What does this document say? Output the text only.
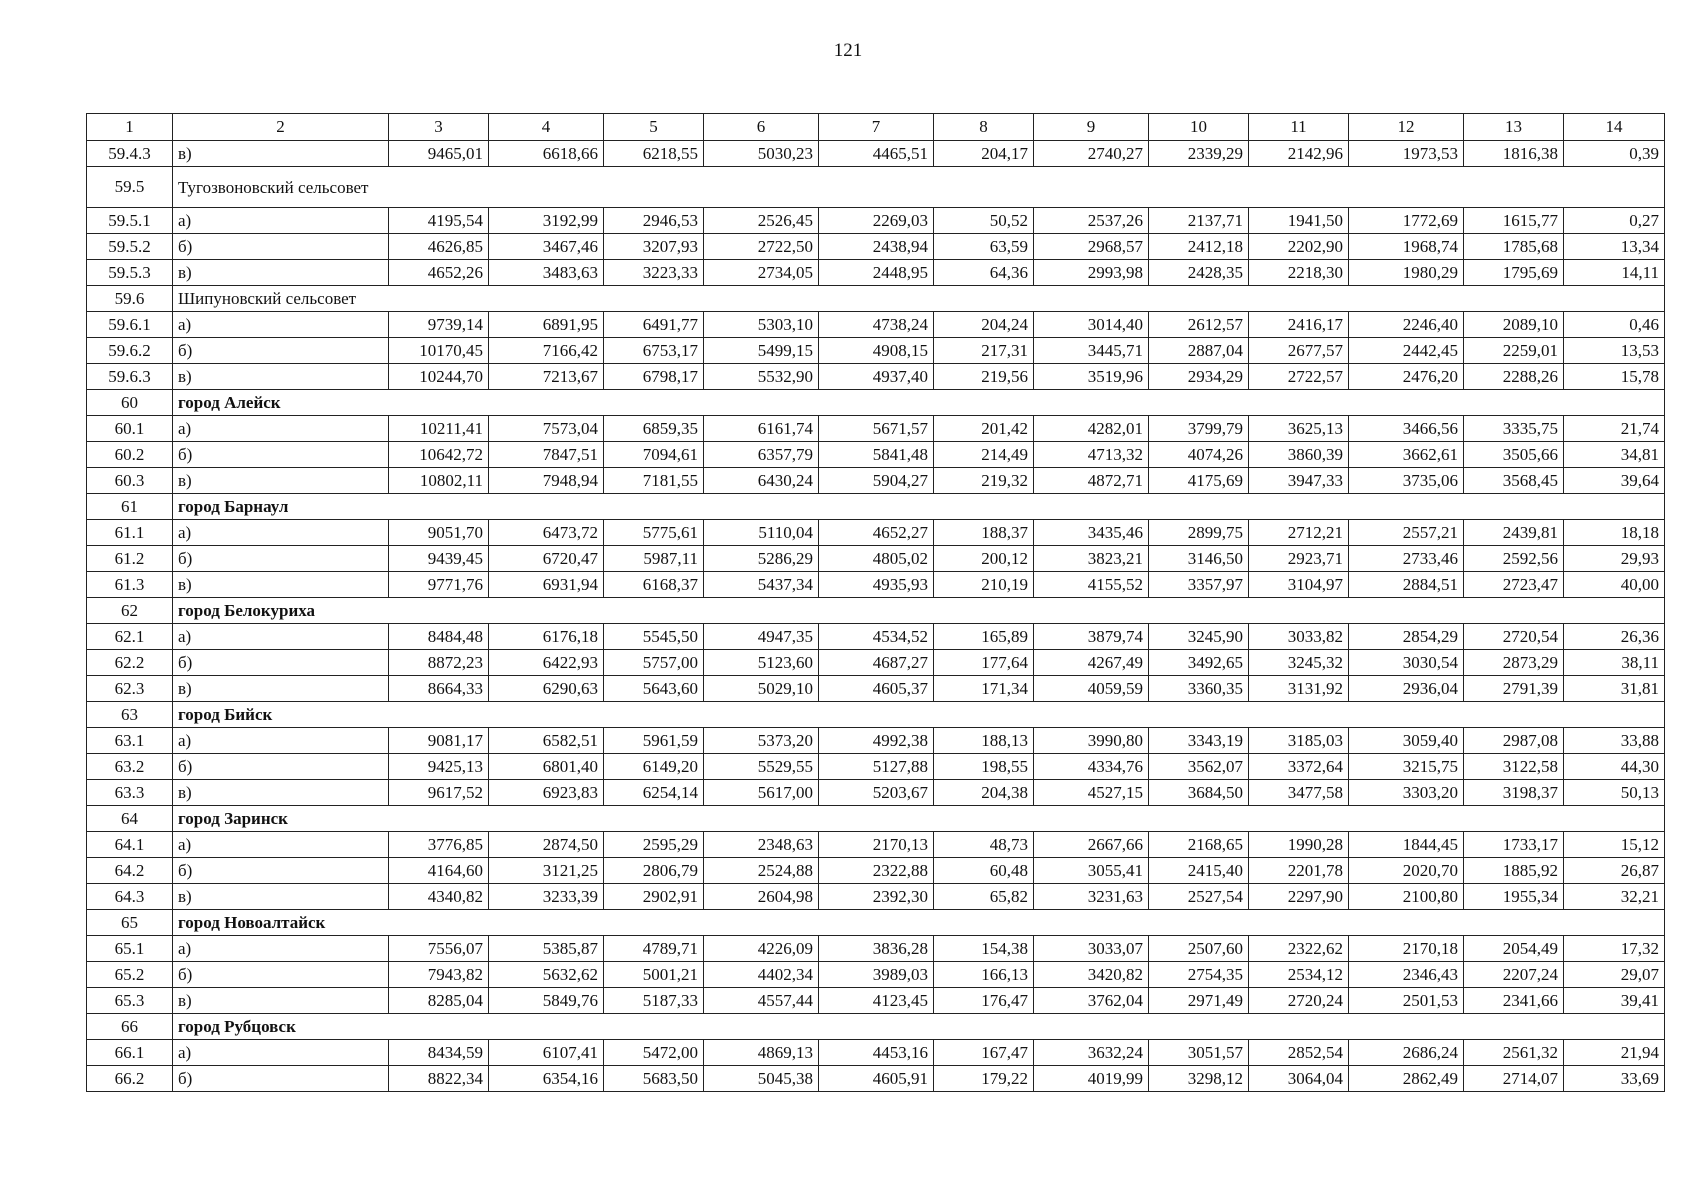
121
1	2	3	4	5	6	7	8	9	10	11	12	13	14
59.4.3	в)	9465,01	6618,66	6218,55	5030,23	4465,51	204,17	2740,27	2339,29	2142,96	1973,53	1816,38	0,39
59.5	Тугозвоновский сельсовет												

59.5.1	а)	4195,54	3192,99	2946,53	2526,45	2269,03	50,52	2537,26	2137,71	1941,50	1772,69	1615,77	0,27
59.5.2	б)	4626,85	3467,46	3207,93	2722,50	2438,94	63,59	2968,57	2412,18	2202,90	1968,74	1785,68	13,34
59.5.3	в)	4652,26	3483,63	3223,33	2734,05	2448,95	64,36	2993,98	2428,35	2218,30	1980,29	1795,69	14,11
59.6	Шипуновский сельсовет												
59.6.1	а)	9739,14	6891,95	6491,77	5303,10	4738,24	204,24	3014,40	2612,57	2416,17	2246,40	2089,10	0,46
59.6.2	б)	10170,45	7166,42	6753,17	5499,15	4908,15	217,31	3445,71	2887,04	2677,57	2442,45	2259,01	13,53
59.6.3	в)	10244,70	7213,67	6798,17	5532,90	4937,40	219,56	3519,96	2934,29	2722,57	2476,20	2288,26	15,78
60	город Алейск												
60.1	а)	10211,41	7573,04	6859,35	6161,74	5671,57	201,42	4282,01	3799,79	3625,13	3466,56	3335,75	21,74
60.2	б)	10642,72	7847,51	7094,61	6357,79	5841,48	214,49	4713,32	4074,26	3860,39	3662,61	3505,66	34,81
60.3	в)	10802,11	7948,94	7181,55	6430,24	5904,27	219,32	4872,71	4175,69	3947,33	3735,06	3568,45	39,64
61	город Барнаул												
61.1	а)	9051,70	6473,72	5775,61	5110,04	4652,27	188,37	3435,46	2899,75	2712,21	2557,21	2439,81	18,18
61.2	б)	9439,45	6720,47	5987,11	5286,29	4805,02	200,12	3823,21	3146,50	2923,71	2733,46	2592,56	29,93
61.3	в)	9771,76	6931,94	6168,37	5437,34	4935,93	210,19	4155,52	3357,97	3104,97	2884,51	2723,47	40,00
62	город Белокуриха												
62.1	а)	8484,48	6176,18	5545,50	4947,35	4534,52	165,89	3879,74	3245,90	3033,82	2854,29	2720,54	26,36
62.2	б)	8872,23	6422,93	5757,00	5123,60	4687,27	177,64	4267,49	3492,65	3245,32	3030,54	2873,29	38,11
62.3	в)	8664,33	6290,63	5643,60	5029,10	4605,37	171,34	4059,59	3360,35	3131,92	2936,04	2791,39	31,81
63	город Бийск												
63.1	а)	9081,17	6582,51	5961,59	5373,20	4992,38	188,13	3990,80	3343,19	3185,03	3059,40	2987,08	33,88
63.2	б)	9425,13	6801,40	6149,20	5529,55	5127,88	198,55	4334,76	3562,07	3372,64	3215,75	3122,58	44,30
63.3	в)	9617,52	6923,83	6254,14	5617,00	5203,67	204,38	4527,15	3684,50	3477,58	3303,20	3198,37	50,13
64	город Заринск												
64.1	а)	3776,85	2874,50	2595,29	2348,63	2170,13	48,73	2667,66	2168,65	1990,28	1844,45	1733,17	15,12
64.2	б)	4164,60	3121,25	2806,79	2524,88	2322,88	60,48	3055,41	2415,40	2201,78	2020,70	1885,92	26,87
64.3	в)	4340,82	3233,39	2902,91	2604,98	2392,30	65,82	3231,63	2527,54	2297,90	2100,80	1955,34	32,21
65	город Новоалтайск												
65.1	а)	7556,07	5385,87	4789,71	4226,09	3836,28	154,38	3033,07	2507,60	2322,62	2170,18	2054,49	17,32
65.2	б)	7943,82	5632,62	5001,21	4402,34	3989,03	166,13	3420,82	2754,35	2534,12	2346,43	2207,24	29,07
65.3	в)	8285,04	5849,76	5187,33	4557,44	4123,45	176,47	3762,04	2971,49	2720,24	2501,53	2341,66	39,41
66	город Рубцовск												
66.1	а)	8434,59	6107,41	5472,00	4869,13	4453,16	167,47	3632,24	3051,57	2852,54	2686,24	2561,32	21,94
66.2	б)	8822,34	6354,16	5683,50	5045,38	4605,91	179,22	4019,99	3298,12	3064,04	2862,49	2714,07	33,69
